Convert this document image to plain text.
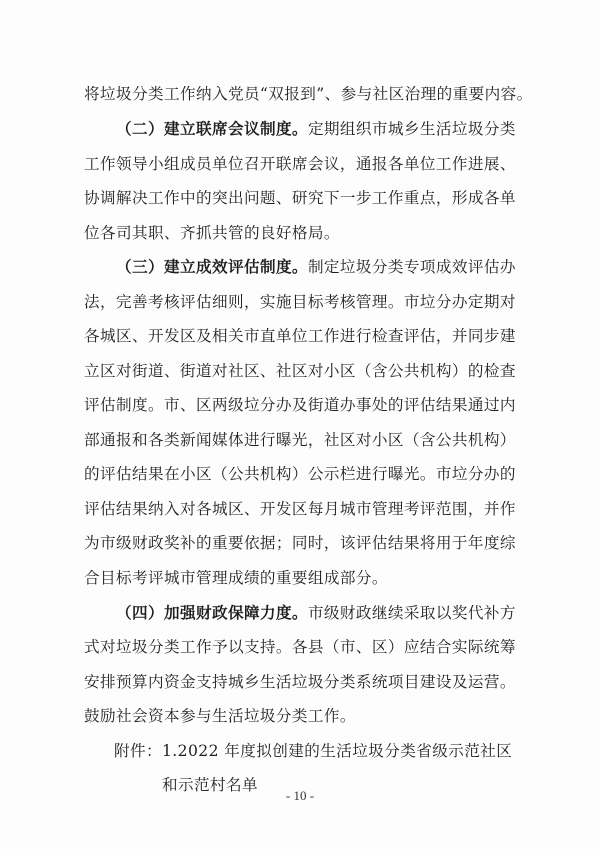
将垃圾分类工作纳入党员“双报到”、参与社区治理的重要内容。
（二）建立联席会议制度。定期组织市城乡生活垃圾分类
工作领导小组成员单位召开联席会议，通报各单位工作进展、
协调解决工作中的突出问题、研究下一步工作重点，形成各单
位各司其职、齐抓共管的良好格局。
（三）建立成效评估制度。制定垃圾分类专项成效评估办
法，完善考核评估细则，实施目标考核管理。市垃分办定期对
各城区、开发区及相关市直单位工作进行检查评估，并同步建
立区对街道、街道对社区、社区对小区（含公共机构）的检查
评估制度。市、区两级垃分办及街道办事处的评估结果通过内
部通报和各类新闻媒体进行曝光，社区对小区（含公共机构）
的评估结果在小区（公共机构）公示栏进行曝光。市垃分办的
评估结果纳入对各城区、开发区每月城市管理考评范围，并作
为市级财政奖补的重要依据；同时，该评估结果将用于年度综
合目标考评城市管理成绩的重要组成部分。
（四）加强财政保障力度。市级财政继续采取以奖代补方
式对垃圾分类工作予以支持。各县（市、区）应结合实际统筹
安排预算内资金支持城乡生活垃圾分类系统项目建设及运营。
鼓励社会资本参与生活垃圾分类工作。
附件：1.2022 年度拟创建的生活垃圾分类省级示范社区
和示范村名单
- 10 -
